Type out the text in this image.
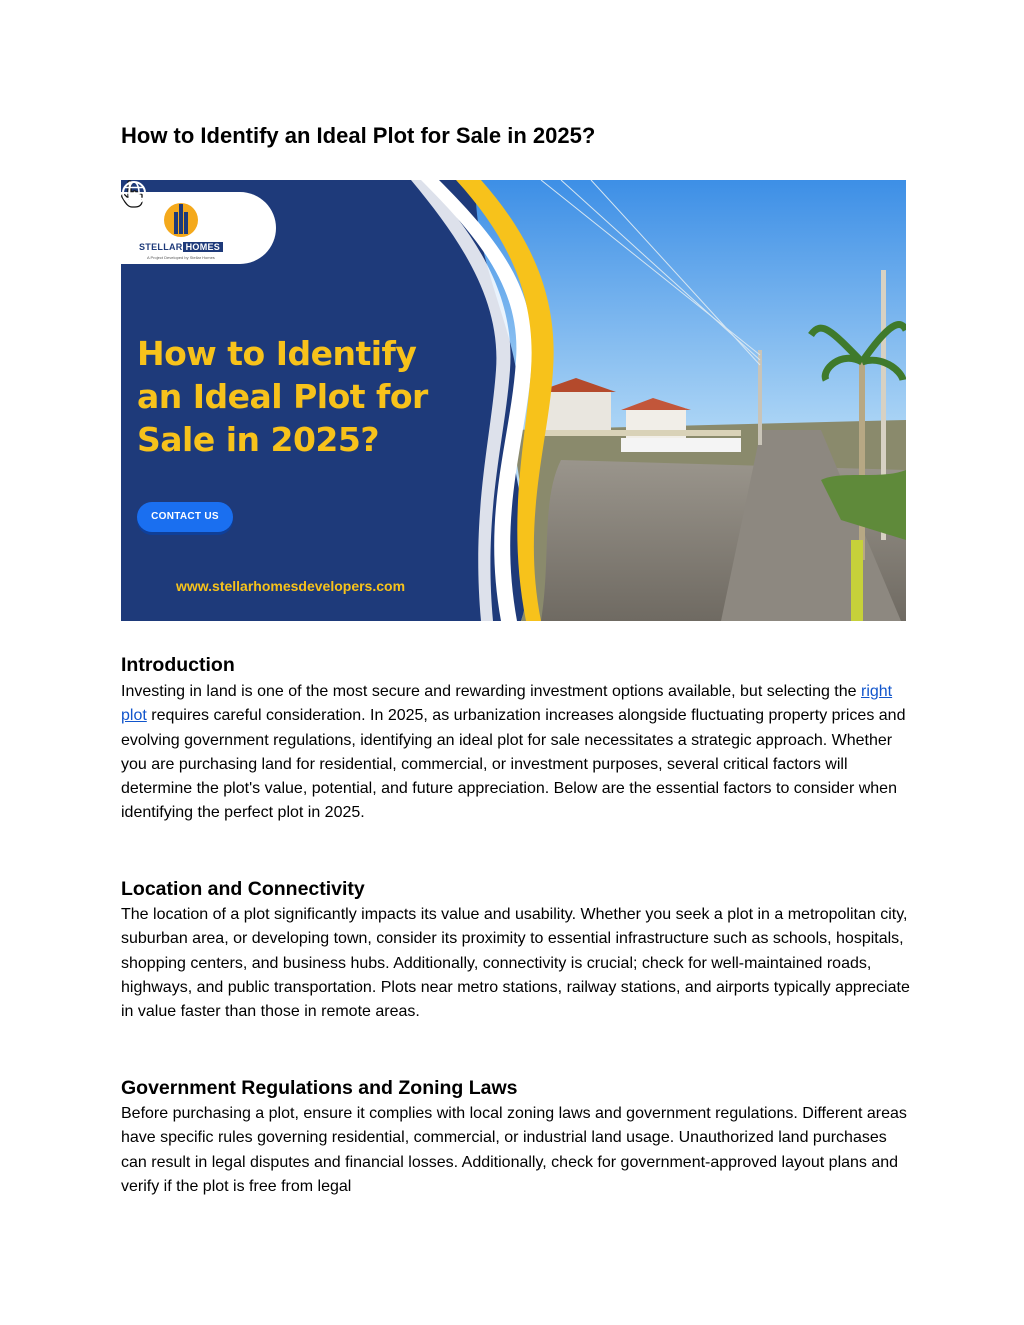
How to Identify an Ideal Plot for Sale in 2025?
STELLAR HOMES
A Project Developed by Stellar Homes
How to Identify an Ideal Plot for Sale in 2025?
CONTACT US
www.stellarhomesdevelopers.com
Introduction

Investing in land is one of the most secure and rewarding investment options available, but selecting the right plot requires careful consideration. In 2025, as urbanization increases alongside fluctuating property prices and evolving government regulations, identifying an ideal plot for sale necessitates a strategic approach. Whether you are purchasing land for residential, commercial, or investment purposes, several critical factors will determine the plot's value, potential, and future appreciation. Below are the essential factors to consider when identifying the perfect plot in 2025.

Location and Connectivity

The location of a plot significantly impacts its value and usability. Whether you seek a plot in a metropolitan city, suburban area, or developing town, consider its proximity to essential infrastructure such as schools, hospitals, shopping centers, and business hubs. Additionally, connectivity is crucial; check for well-maintained roads, highways, and public transportation. Plots near metro stations, railway stations, and airports typically appreciate in value faster than those in remote areas.

Government Regulations and Zoning Laws

Before purchasing a plot, ensure it complies with local zoning laws and government regulations. Different areas have specific rules governing residential, commercial, or industrial land usage. Unauthorized land purchases can result in legal disputes and financial losses. Additionally, check for government-approved layout plans and verify if the plot is free from legal
